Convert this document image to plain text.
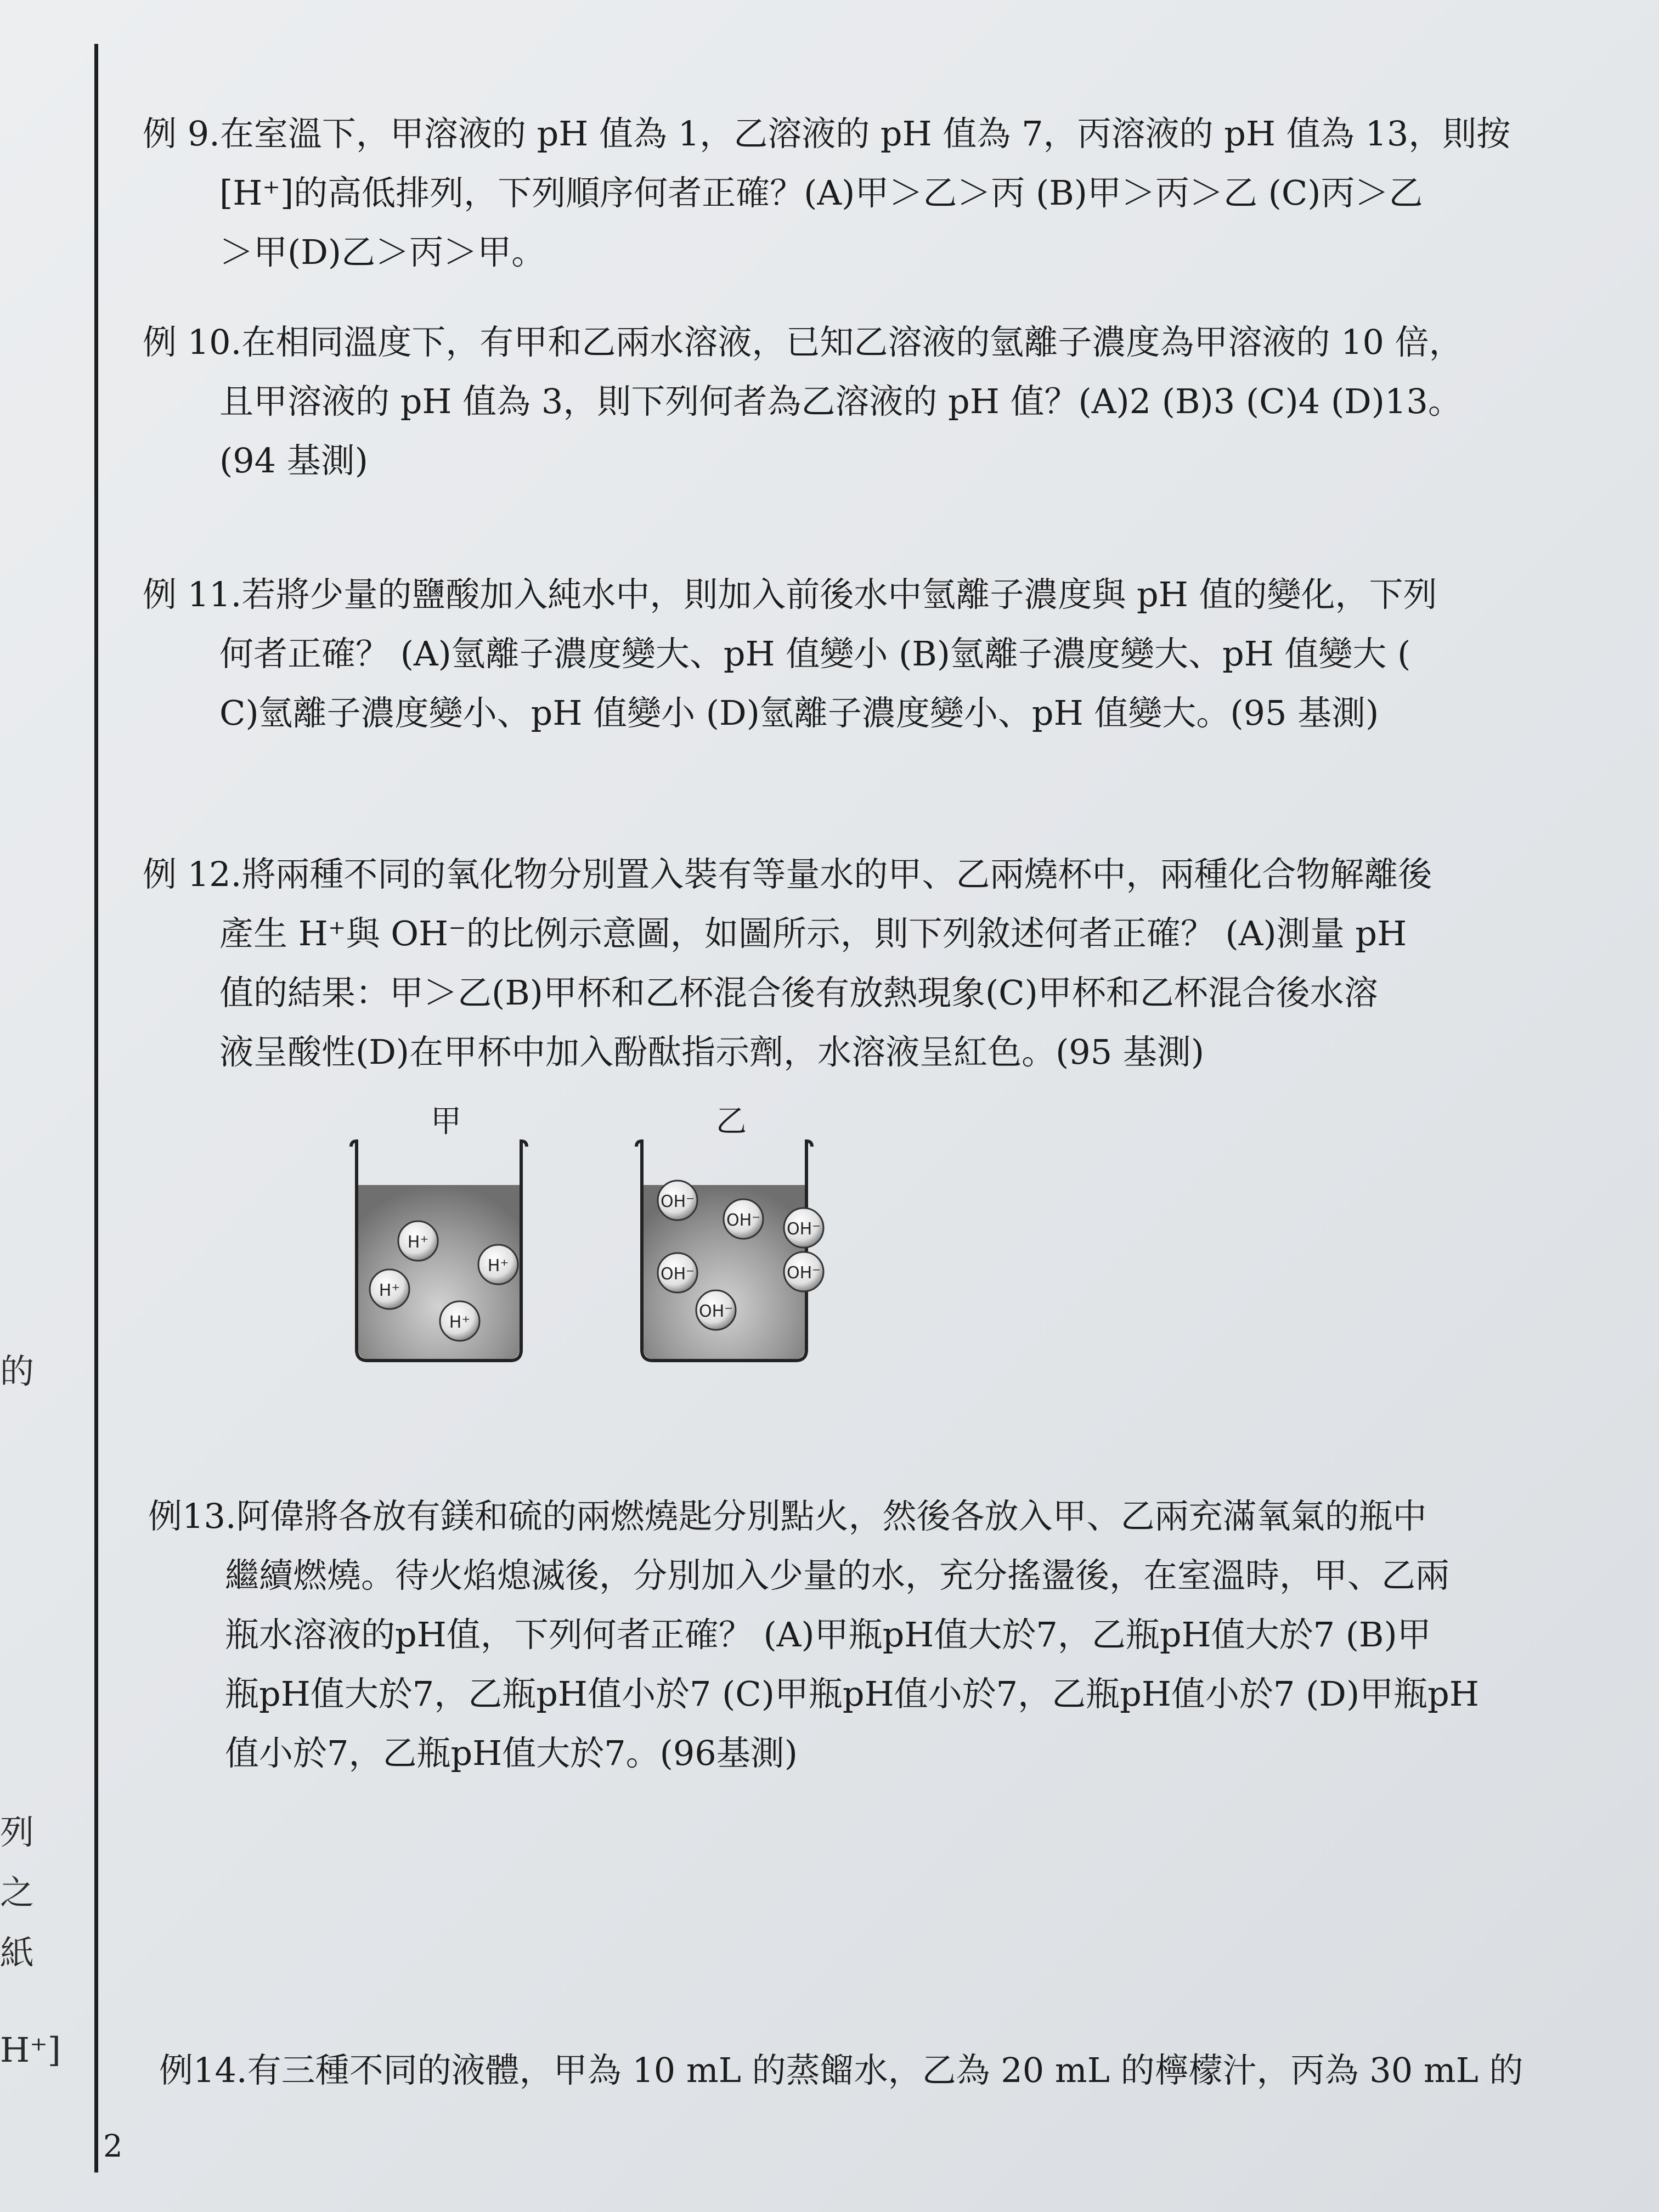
的
列
之
紙
H⁺]
2

例 9.在室溫下，甲溶液的 pH 值為 1，乙溶液的 pH 值為 7，丙溶液的 pH 值為 13，則按

[H⁺]的高低排列，下列順序何者正確？(A)甲＞乙＞丙 (B)甲＞丙＞乙 (C)丙＞乙

＞甲(D)乙＞丙＞甲。

例 10.在相同溫度下，有甲和乙兩水溶液，已知乙溶液的氫離子濃度為甲溶液的 10 倍，

且甲溶液的 pH 值為 3，則下列何者為乙溶液的 pH 值？(A)2 (B)3 (C)4 (D)13。

(94 基測)

例 11.若將少量的鹽酸加入純水中，則加入前後水中氫離子濃度與 pH 值的變化，下列

何者正確？ (A)氫離子濃度變大、pH 值變小 (B)氫離子濃度變大、pH 值變大 (

C)氫離子濃度變小、pH 值變小 (D)氫離子濃度變小、pH 值變大。(95 基測)

例 12.將兩種不同的氧化物分別置入裝有等量水的甲、乙兩燒杯中，兩種化合物解離後

產生 H⁺與 OH⁻的比例示意圖，如圖所示，則下列敘述何者正確？ (A)測量 pH

值的結果：甲＞乙(B)甲杯和乙杯混合後有放熱現象(C)甲杯和乙杯混合後水溶

液呈酸性(D)在甲杯中加入酚酞指示劑，水溶液呈紅色。(95 基測)

甲	乙
H⁺
H⁺
H⁺
H⁺
OH⁻
OH⁻ OH⁻
OH⁻	OH⁻
OH⁻

例13.阿偉將各放有鎂和硫的兩燃燒匙分別點火，然後各放入甲、乙兩充滿氧氣的瓶中

繼續燃燒。待火焰熄滅後，分別加入少量的水，充分搖盪後，在室溫時，甲、乙兩

瓶水溶液的pH值，下列何者正確？ (A)甲瓶pH值大於7，乙瓶pH值大於7 (B)甲

瓶pH值大於7，乙瓶pH值小於7 (C)甲瓶pH值小於7，乙瓶pH值小於7 (D)甲瓶pH

值小於7，乙瓶pH值大於7。(96基測)

例14.有三種不同的液體，甲為 10 mL 的蒸餾水，乙為 20 mL 的檸檬汁，丙為 30 mL 的
